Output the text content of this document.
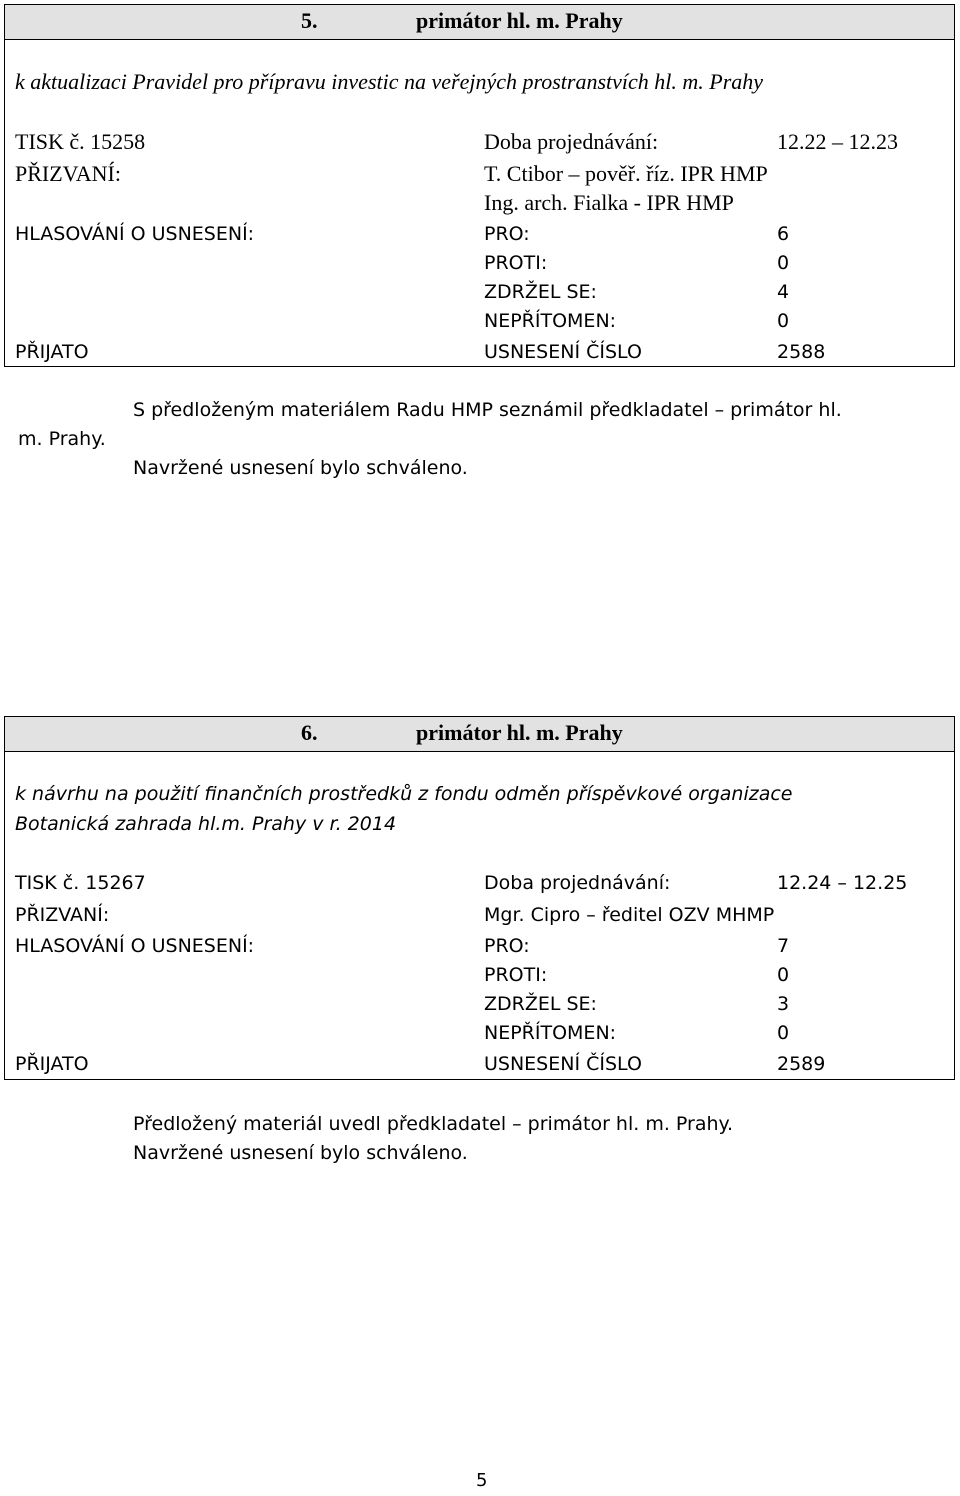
5.	primátor hl. m. Prahy
k aktualizaci Pravidel pro přípravu investic na veřejných prostranstvích hl. m. Prahy
TISK č. 15258	Doba projednávání:	12.22 – 12.23
PŘIZVANÍ:	T. Ctibor – pověř. říz. IPR HMP
Ing. arch. Fialka - IPR HMP
HLASOVÁNÍ O USNESENÍ:	PRO:	6
PROTI:	0
ZDRŽEL SE:	4
NEPŘÍTOMEN:	0
PŘIJATO	USNESENÍ ČÍSLO	2588
S předloženým materiálem Radu HMP seznámil předkladatel – primátor hl.
m. Prahy.
Navržené usnesení bylo schváleno.
6.	primátor hl. m. Prahy
k návrhu na použití finančních prostředků z fondu odměn příspěvkové organizace
Botanická zahrada hl.m. Prahy v r. 2014
TISK č. 15267	Doba projednávání:	12.24 – 12.25
PŘIZVANÍ:	Mgr. Cipro – ředitel OZV MHMP
HLASOVÁNÍ O USNESENÍ:	PRO:	7
PROTI:	0
ZDRŽEL SE:	3
NEPŘÍTOMEN:	0
PŘIJATO	USNESENÍ ČÍSLO	2589
Předložený materiál uvedl předkladatel – primátor hl. m. Prahy.
Navržené usnesení bylo schváleno.
5
